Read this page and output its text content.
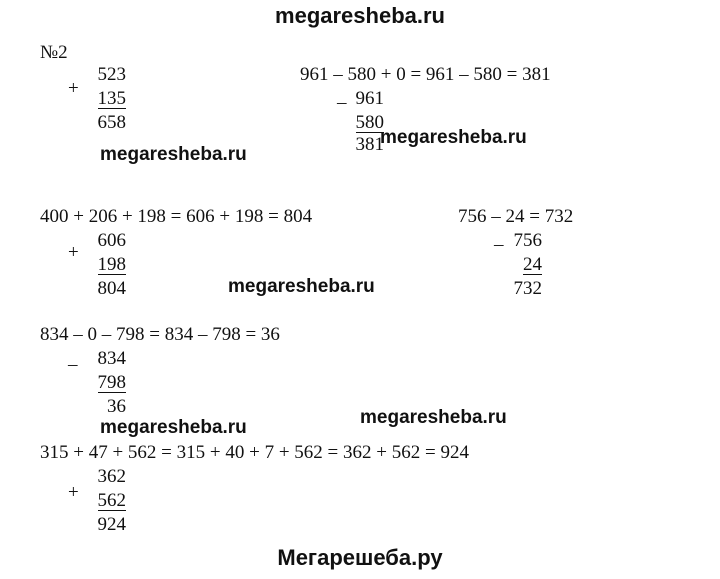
megaresheba.ru
№2
+
523
135
658
961 – 580 + 0 = 961 – 580 = 381
– 961
580
381
400 + 206 + 198 = 606 + 198 = 804
+
606
198
804
756 – 24 = 732
– 756
24
732
834 – 0 – 798 = 834 – 798 = 36
–	834
798
36
315 + 47 + 562 = 315 + 40 + 7 + 562 = 362 + 562 = 924
+
362
562
924
megaresheba.ru
megaresheba.ru
megaresheba.ru
megaresheba.ru	megaresheba.ru
Мегарешеба.ру
